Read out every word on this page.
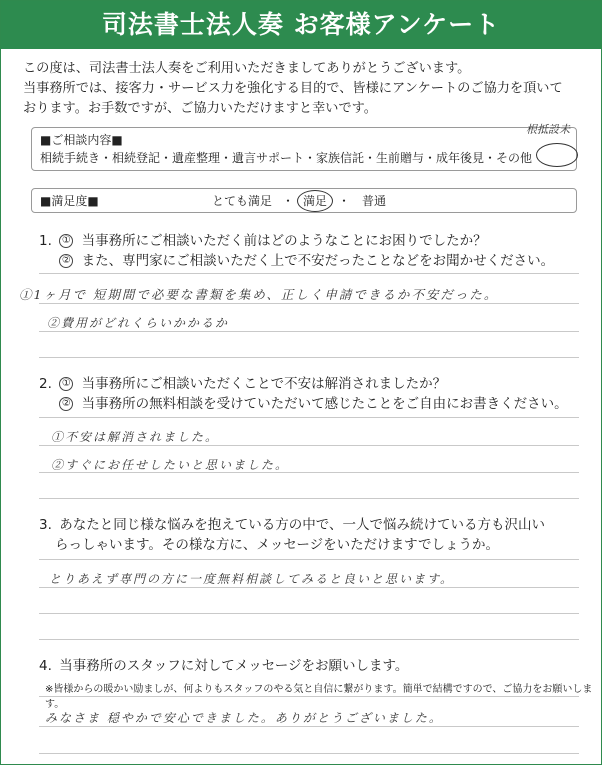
司法書士法人奏 お客様アンケート
この度は、司法書士法人奏をご利用いただきましてありがとうございます。
当事務所では、接客力・サービス力を強化する目的で、皆様にアンケートのご協力を頂いて
おります。お手数ですが、ご協力いただけますと幸いです。
■ご相談内容■
相続手続き・相続登記・遺産整理・遺言サポート・家族信託・生前贈与・成年後見・その他
根抵設未
■満足度■	とても満足 ・ 満足 ・ 普通
1. ① 当事務所にご相談いただく前はどのようなことにお困りでしたか？
② また、専門家にご相談いただく上で不安だったことなどをお聞かせください。
①1ヶ月で 短期間で必要な書類を集め、正しく申請できるか不安だった。
②費用がどれくらいかかるか
2. ① 当事務所にご相談いただくことで不安は解消されましたか？
② 当事務所の無料相談を受けていただいて感じたことをご自由にお書きください。
①不安は解消されました。
②すぐにお任せしたいと思いました。
3. あなたと同じ様な悩みを抱えている方の中で、一人で悩み続けている方も沢山い
らっしゃいます。その様な方に、メッセージをいただけますでしょうか。
とりあえず専門の方に一度無料相談してみると良いと思います。
4. 当事務所のスタッフに対してメッセージをお願いします。
※皆様からの暖かい励ましが、何よりもスタッフのやる気と自信に繋がります。簡単で結構ですので、ご協力をお願いします。
みなさま 穏やかで安心できました。ありがとうございました。
